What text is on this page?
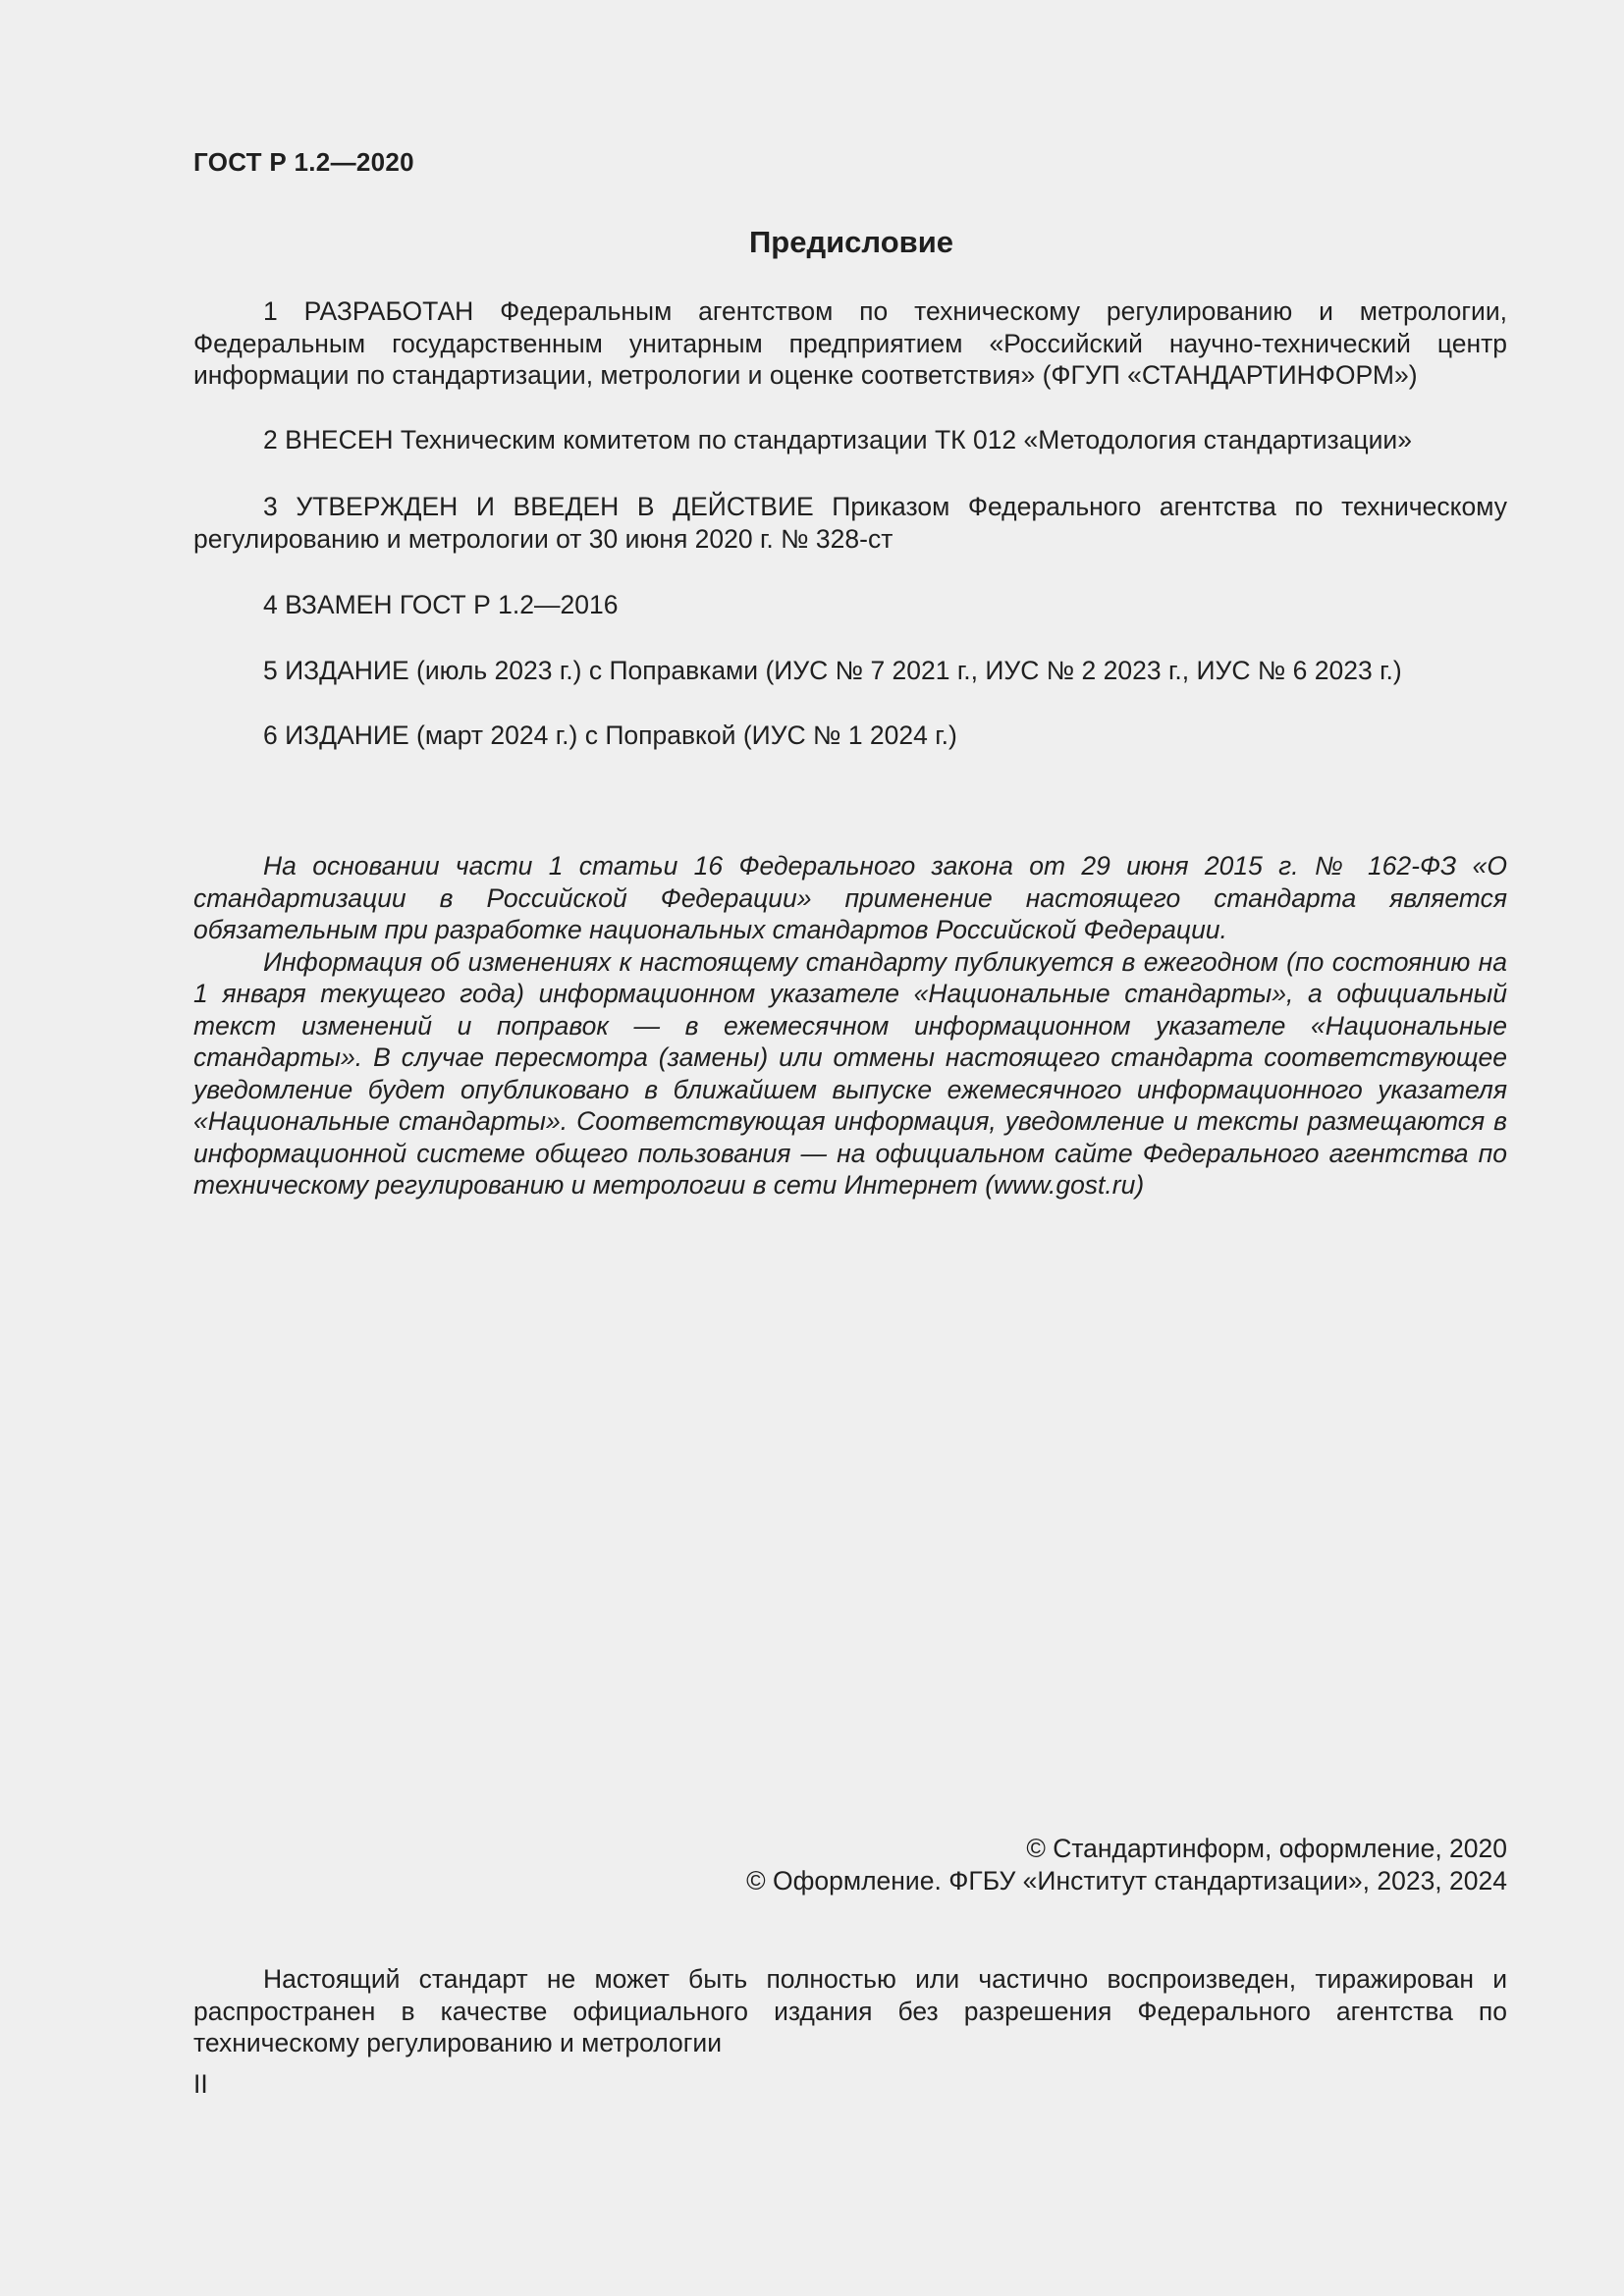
ГОСТ Р 1.2—2020
Предисловие

1 РАЗРАБОТАН Федеральным агентством по техническому регулированию и метрологии, Федеральным государственным унитарным предприятием «Российский научно-технический центр информации по стандартизации, метрологии и оценке соответствия» (ФГУП «СТАНДАРТИНФОРМ»)

2 ВНЕСЕН Техническим комитетом по стандартизации ТК 012 «Методология стандартизации»

3 УТВЕРЖДЕН И ВВЕДЕН В ДЕЙСТВИЕ Приказом Федерального агентства по техническому регулированию и метрологии от 30 июня 2020 г. № 328-ст

4 ВЗАМЕН ГОСТ Р 1.2—2016

5 ИЗДАНИЕ (июль 2023 г.) с Поправками (ИУС № 7 2021 г., ИУС № 2 2023 г., ИУС № 6 2023 г.)

6 ИЗДАНИЕ (март 2024 г.) с Поправкой (ИУС № 1 2024 г.)

На основании части 1 статьи 16 Федерального закона от 29 июня 2015 г. № 162-ФЗ «О стандартизации в Российской Федерации» применение настоящего стандарта является обязательным при разработке национальных стандартов Российской Федерации.

Информация об изменениях к настоящему стандарту публикуется в ежегодном (по состоянию на 1 января текущего года) информационном указателе «Национальные стандарты», а официальный текст изменений и поправок — в ежемесячном информационном указателе «Национальные стандарты». В случае пересмотра (замены) или отмены настоящего стандарта соответствующее уведомление будет опубликовано в ближайшем выпуске ежемесячного информационного указателя «Национальные стандарты». Соответствующая информация, уведомление и тексты размещаются в информационной системе общего пользования — на официальном сайте Федерального агентства по техническому регулированию и метрологии в сети Интернет (www.gost.ru)

© Стандартинформ, оформление, 2020
© Оформление. ФГБУ «Институт стандартизации», 2023, 2024

Настоящий стандарт не может быть полностью или частично воспроизведен, тиражирован и распространен в качестве официального издания без разрешения Федерального агентства по техническому регулированию и метрологии

II
